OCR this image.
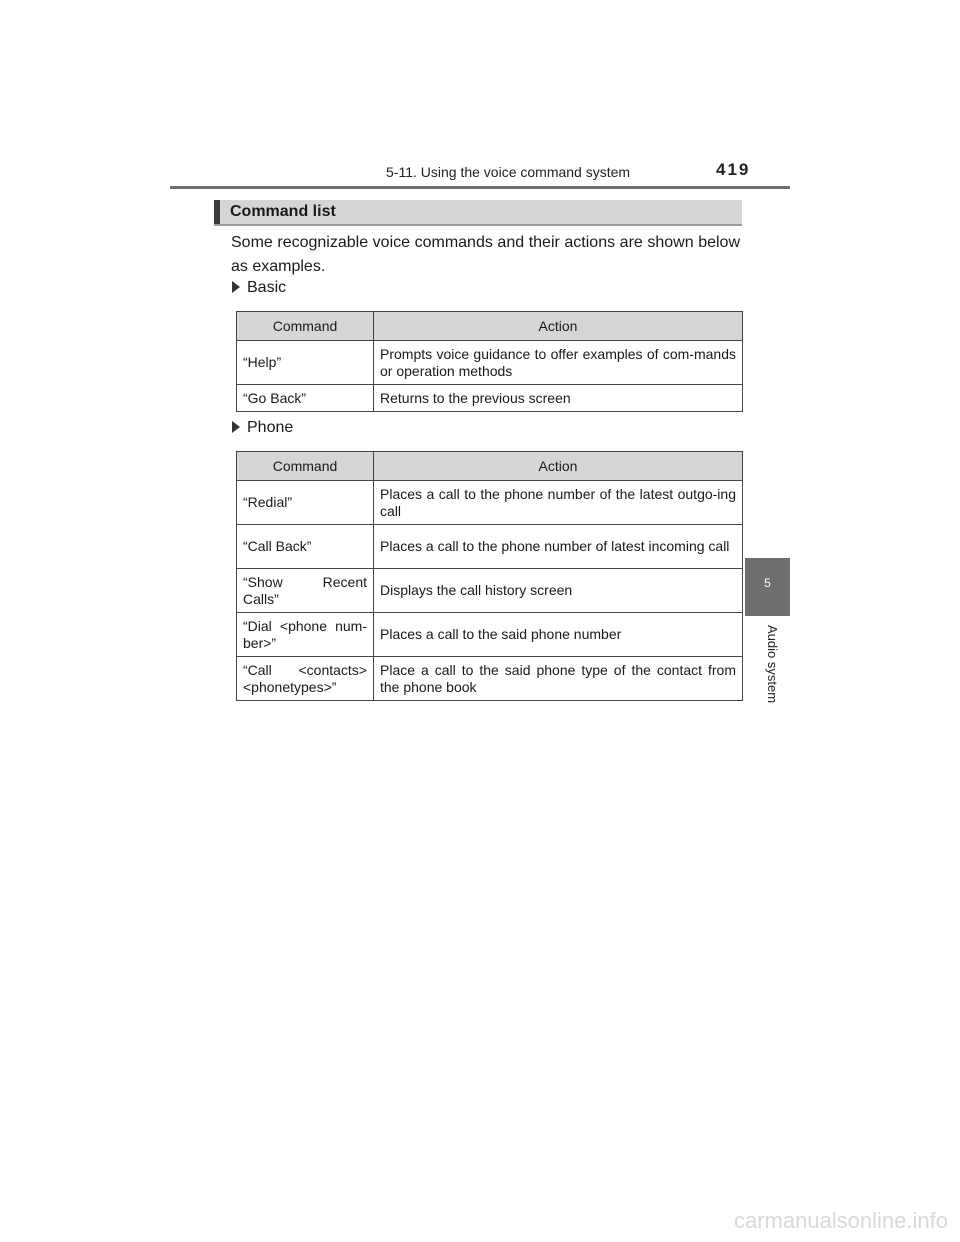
5-11. Using the voice command system	419
Command list
Some recognizable voice commands and their actions are shown below as examples.
Basic
Command	Action
“Help”	Prompts voice guidance to offer examples of com-mands or operation methods
“Go Back”	Returns to the previous screen
Phone
Command	Action
“Redial”	Places a call to the phone number of the latest outgo-ing call
“Call Back”	Places a call to the phone number of latest incoming call
“Show Recent Calls”	Displays the call history screen
“Dial <phone num-ber>”	Places a call to the said phone number
“Call <contacts> <phonetypes>”	Place a call to the said phone type of the contact from the phone book
5
Audio system
carmanualsonline.info
